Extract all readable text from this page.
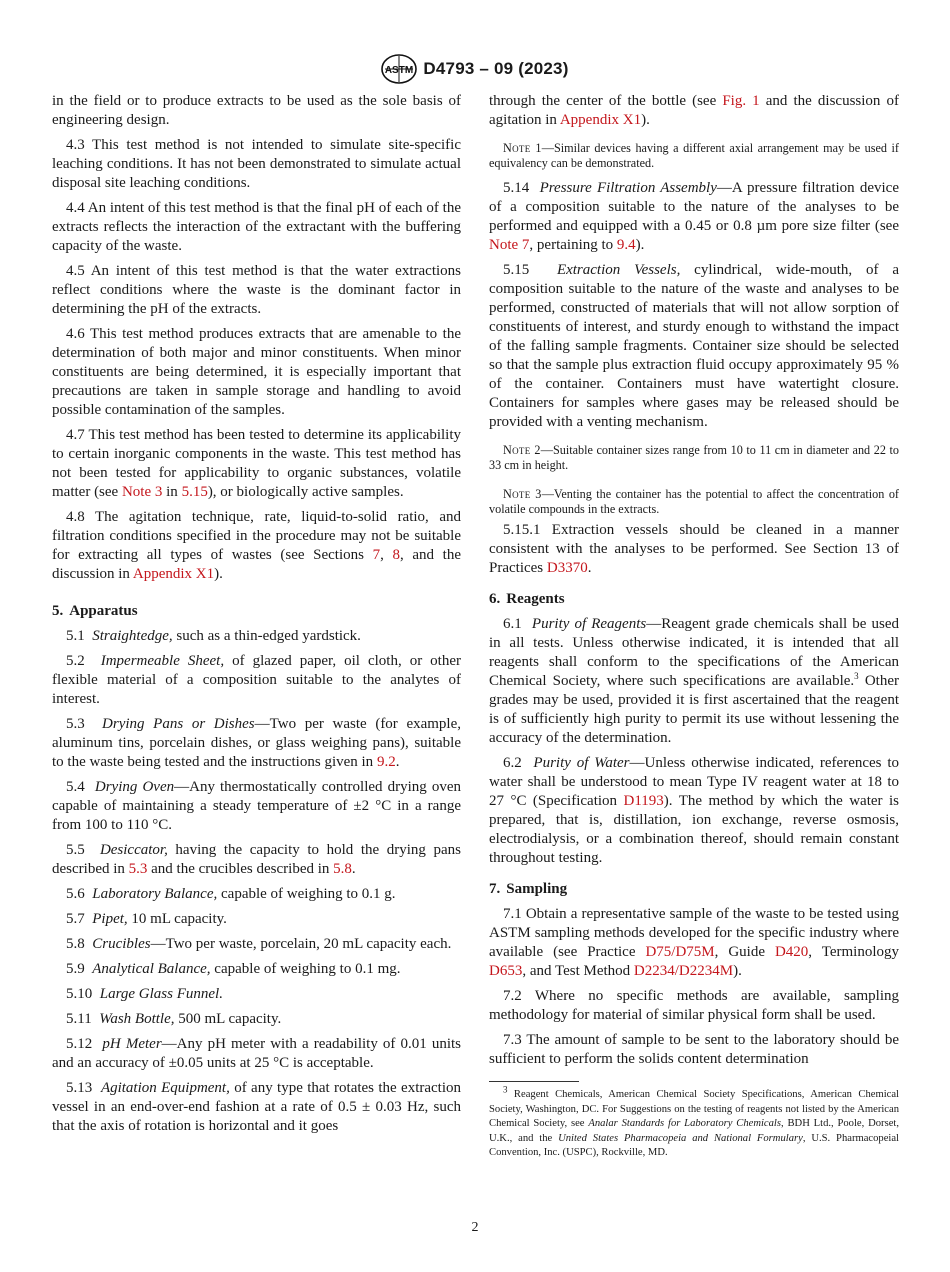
ASTM D4793 – 09 (2023)

in the field or to produce extracts to be used as the sole basis of engineering design.

4.3 This test method is not intended to simulate site-specific leaching conditions. It has not been demonstrated to simulate actual disposal site leaching conditions.

4.4 An intent of this test method is that the final pH of each of the extracts reflects the interaction of the extractant with the buffering capacity of the waste.

4.5 An intent of this test method is that the water extractions reflect conditions where the waste is the dominant factor in determining the pH of the extracts.

4.6 This test method produces extracts that are amenable to the determination of both major and minor constituents. When minor constituents are being determined, it is especially important that precautions are taken in sample storage and handling to avoid possible contamination of the samples.

4.7 This test method has been tested to determine its applicability to certain inorganic components in the waste. This test method has not been tested for applicability to organic substances, volatile matter (see Note 3 in 5.15), or biologically active samples.

4.8 The agitation technique, rate, liquid-to-solid ratio, and filtration conditions specified in the procedure may not be suitable for extracting all types of wastes (see Sections 7, 8, and the discussion in Appendix X1).

5. Apparatus

5.1 Straightedge, such as a thin-edged yardstick.

5.2 Impermeable Sheet, of glazed paper, oil cloth, or other flexible material of a composition suitable to the analytes of interest.

5.3 Drying Pans or Dishes—Two per waste (for example, aluminum tins, porcelain dishes, or glass weighing pans), suitable to the waste being tested and the instructions given in 9.2.

5.4 Drying Oven—Any thermostatically controlled drying oven capable of maintaining a steady temperature of ±2 °C in a range from 100 to 110 °C.

5.5 Desiccator, having the capacity to hold the drying pans described in 5.3 and the crucibles described in 5.8.

5.6 Laboratory Balance, capable of weighing to 0.1 g.

5.7 Pipet, 10 mL capacity.

5.8 Crucibles—Two per waste, porcelain, 20 mL capacity each.

5.9 Analytical Balance, capable of weighing to 0.1 mg.

5.10 Large Glass Funnel.

5.11 Wash Bottle, 500 mL capacity.

5.12 pH Meter—Any pH meter with a readability of 0.01 units and an accuracy of ±0.05 units at 25 °C is acceptable.

5.13 Agitation Equipment, of any type that rotates the extraction vessel in an end-over-end fashion at a rate of 0.5 ± 0.03 Hz, such that the axis of rotation is horizontal and it goes

through the center of the bottle (see Fig. 1 and the discussion of agitation in Appendix X1).

Note 1—Similar devices having a different axial arrangement may be used if equivalency can be demonstrated.

5.14 Pressure Filtration Assembly—A pressure filtration device of a composition suitable to the nature of the analyses to be performed and equipped with a 0.45 or 0.8 µm pore size filter (see Note 7, pertaining to 9.4).

5.15 Extraction Vessels, cylindrical, wide-mouth, of a composition suitable to the nature of the waste and analyses to be performed, constructed of materials that will not allow sorption of constituents of interest, and sturdy enough to withstand the impact of the falling sample fragments. Container size should be selected so that the sample plus extraction fluid occupy approximately 95 % of the container. Containers must have watertight closure. Containers for samples where gases may be released should be provided with a venting mechanism.

Note 2—Suitable container sizes range from 10 to 11 cm in diameter and 22 to 33 cm in height.
Note 3—Venting the container has the potential to affect the concentration of volatile compounds in the extracts.

5.15.1 Extraction vessels should be cleaned in a manner consistent with the analyses to be performed. See Section 13 of Practices D3370.

6. Reagents

6.1 Purity of Reagents—Reagent grade chemicals shall be used in all tests. Unless otherwise indicated, it is intended that all reagents shall conform to the specifications of the American Chemical Society, where such specifications are available.$^3$ Other grades may be used, provided it is first ascertained that the reagent is of sufficiently high purity to permit its use without lessening the accuracy of the determination.

6.2 Purity of Water—Unless otherwise indicated, references to water shall be understood to mean Type IV reagent water at 18 to 27 °C (Specification D1193). The method by which the water is prepared, that is, distillation, ion exchange, reverse osmosis, electrodialysis, or a combination thereof, should remain constant throughout testing.

7. Sampling

7.1 Obtain a representative sample of the waste to be tested using ASTM sampling methods developed for the specific industry where available (see Practice D75/D75M, Guide D420, Terminology D653, and Test Method D2234/D2234M).

7.2 Where no specific methods are available, sampling methodology for material of similar physical form shall be used.

7.3 The amount of sample to be sent to the laboratory should be sufficient to perform the solids content determination

$^3$ Reagent Chemicals, American Chemical Society Specifications, American Chemical Society, Washington, DC. For Suggestions on the testing of reagents not listed by the American Chemical Society, see Analar Standards for Laboratory Chemicals, BDH Ltd., Poole, Dorset, U.K., and the United States Pharmacopeia and National Formulary, U.S. Pharmacopeial Convention, Inc. (USPC), Rockville, MD.

2
